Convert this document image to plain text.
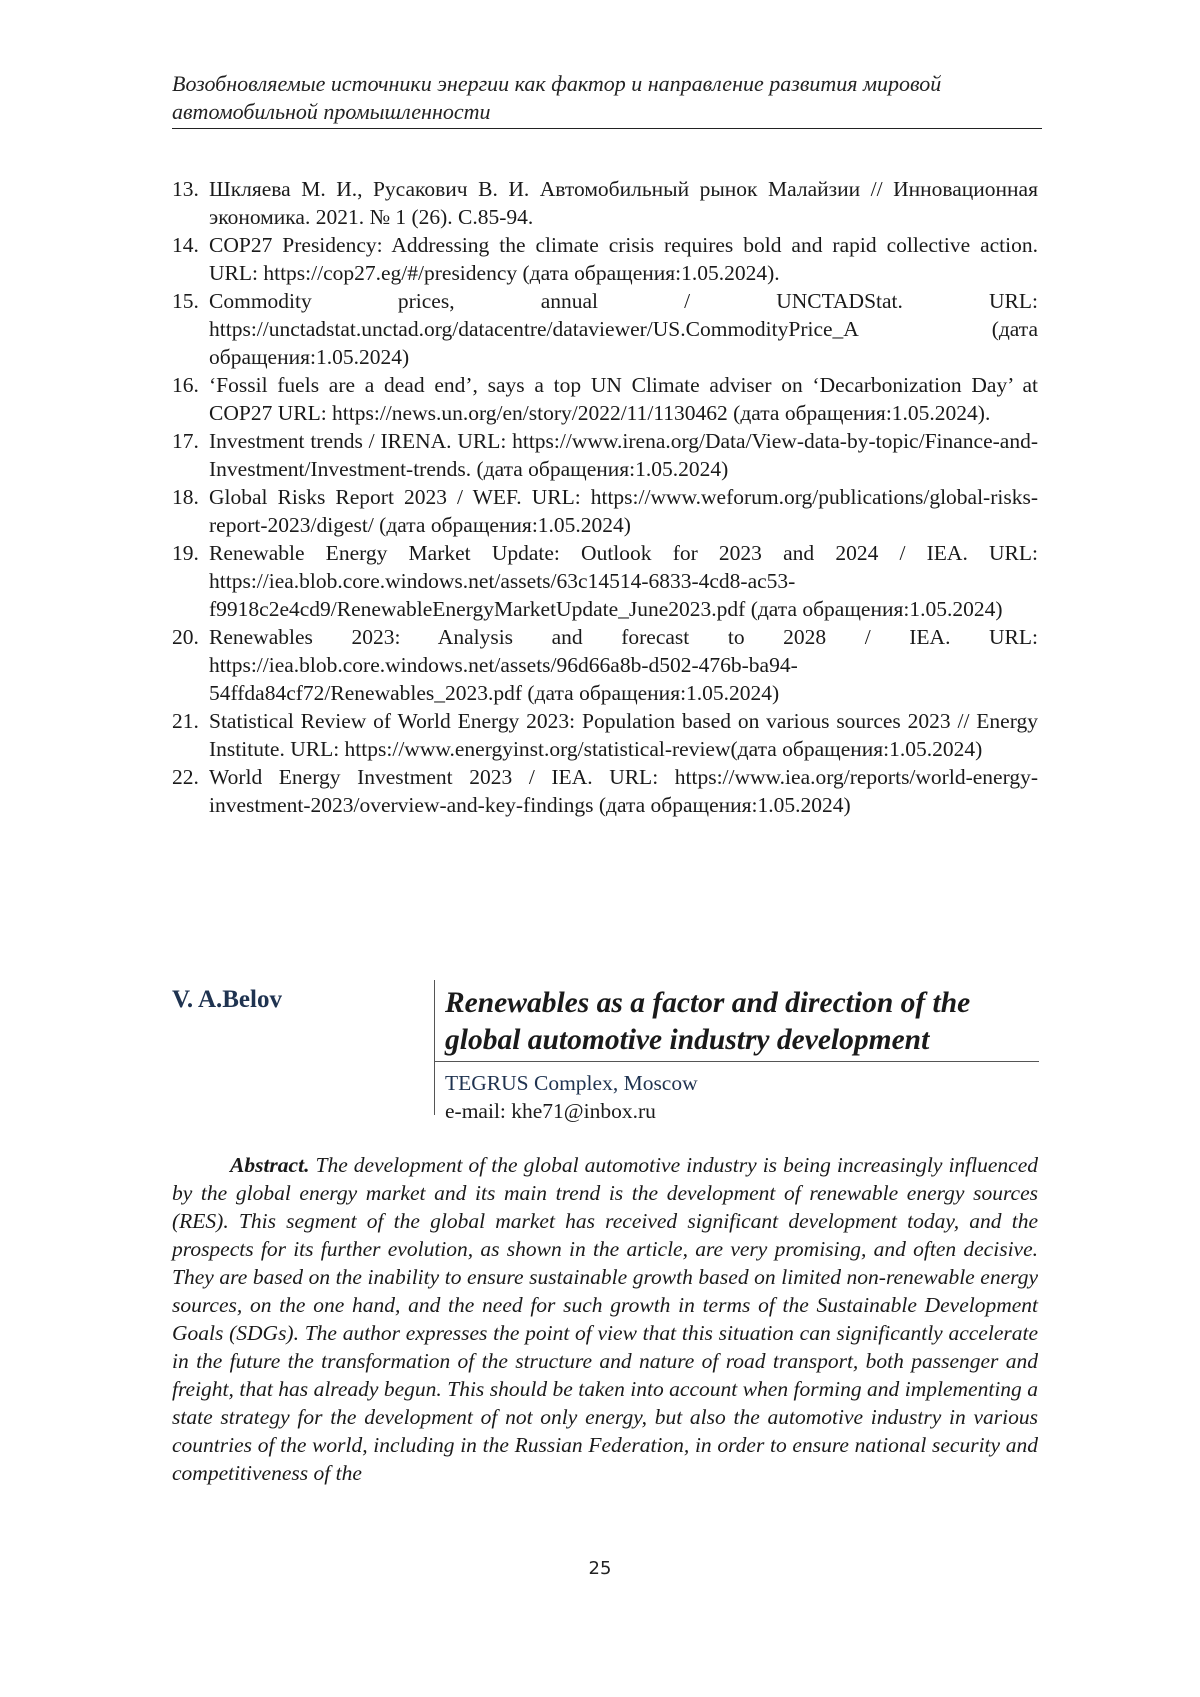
Возобновляемые источники энергии как фактор и направление развития мировой автомобильной промышленности
13. Шкляева М. И., Русакович В. И. Автомобильный рынок Малайзии // Инновационная экономика. 2021. № 1 (26). С.85-94.
14. COP27 Presidency: Addressing the climate crisis requires bold and rapid collective action. URL: https://cop27.eg/#/presidency (дата обращения:1.05.2024).
15. Commodity prices, annual / UNCTADStat. URL: https://unctadstat.unctad.org/datacentre/dataviewer/US.CommodityPrice_A (дата обращения:1.05.2024)
16. ‘Fossil fuels are a dead end’, says a top UN Climate adviser on ‘Decarbonization Day’ at COP27 URL: https://news.un.org/en/story/2022/11/1130462 (дата обращения:1.05.2024).
17. Investment trends / IRENA. URL: https://www.irena.org/Data/View-data-by-topic/Finance-and-Investment/Investment-trends. (дата обращения:1.05.2024)
18. Global Risks Report 2023 / WEF. URL: https://www.weforum.org/publications/global-risks-report-2023/digest/ (дата обращения:1.05.2024)
19. Renewable Energy Market Update: Outlook for 2023 and 2024 / IEA. URL: https://iea.blob.core.windows.net/assets/63c14514-6833-4cd8-ac53-f9918c2e4cd9/RenewableEnergyMarketUpdate_June2023.pdf (дата обращения:1.05.2024)
20. Renewables 2023: Analysis and forecast to 2028 / IEA. URL: https://iea.blob.core.windows.net/assets/96d66a8b-d502-476b-ba94-54ffda84cf72/Renewables_2023.pdf (дата обращения:1.05.2024)
21. Statistical Review of World Energy 2023: Population based on various sources 2023 // Energy Institute. URL: https://www.energyinst.org/statistical-review(дата обращения:1.05.2024)
22. World Energy Investment 2023 / IEA. URL: https://www.iea.org/reports/world-energy-investment-2023/overview-and-key-findings (дата обращения:1.05.2024)
V. A.Belov	Renewables as a factor and direction of the global automotive industry development
TEGRUS Complex, Moscow
e-mail: khe71@inbox.ru

Abstract. The development of the global automotive industry is being increasingly influenced by the global energy market and its main trend is the development of renewable energy sources (RES). This segment of the global market has received significant development today, and the prospects for its further evolution, as shown in the article, are very promising, and often decisive. They are based on the inability to ensure sustainable growth based on limited non-renewable energy sources, on the one hand, and the need for such growth in terms of the Sustainable Development Goals (SDGs). The author expresses the point of view that this situation can significantly accelerate in the future the transformation of the structure and nature of road transport, both passenger and freight, that has already begun. This should be taken into account when forming and implementing a state strategy for the development of not only energy, but also the automotive industry in various countries of the world, including in the Russian Federation, in order to ensure national security and competitiveness of the

25
